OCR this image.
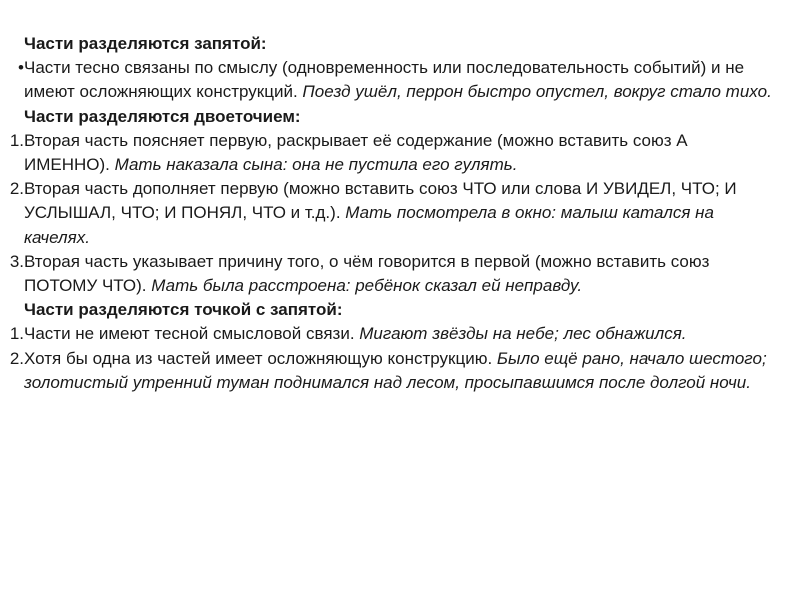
Части разделяются запятой:
• Части тесно связаны по смыслу (одновременность или последовательность событий) и не имеют осложняющих конструкций. Поезд ушёл, перрон быстро опустел, вокруг стало тихо.
Части разделяются двоеточием:
1. Вторая часть поясняет первую, раскрывает её содержание (можно вставить союз А ИМЕННО). Мать наказала сына: она не пустила его гулять.
2. Вторая часть дополняет первую (можно вставить союз ЧТО или слова И УВИДЕЛ, ЧТО; И УСЛЫШАЛ, ЧТО; И ПОНЯЛ, ЧТО и т.д.). Мать посмотрела в окно: малыш катался на качелях.
3. Вторая часть указывает причину того, о чём говорится в первой (можно вставить союз ПОТОМУ ЧТО). Мать была расстроена: ребёнок сказал ей неправду.
Части разделяются точкой с запятой:
1. Части не имеют тесной смысловой связи. Мигают звёзды на небе; лес обнажился.
2. Хотя бы одна из частей имеет осложняющую конструкцию. Было ещё рано, начало шестого; золотистый утренний туман поднимался над лесом, просыпавшимся после долгой ночи.
